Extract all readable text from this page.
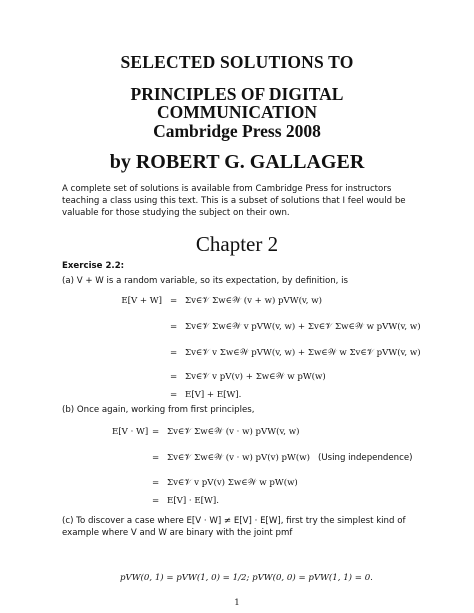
SELECTED SOLUTIONS TO
PRINCIPLES OF DIGITAL
COMMUNICATION
Cambridge Press 2008
by ROBERT G. GALLAGER
A complete set of solutions is available from Cambridge Press for instructors teaching a class using this text. This is a subset of solutions that I feel would be valuable for those studying the subject on their own.
Chapter 2
Exercise 2.2:
(a) V + W is a random variable, so its expectation, by definition, is
E[V + W] = Σv∈𝒱 Σw∈𝒲 (v + w) pVW(v, w)
= Σv∈𝒱 Σw∈𝒲 v pVW(v, w) + Σv∈𝒱 Σw∈𝒲 w pVW(v, w)
= Σv∈𝒱 v Σw∈𝒲 pVW(v, w) + Σw∈𝒲 w Σv∈𝒱 pVW(v, w)
= Σv∈𝒱 v pV(v) + Σw∈𝒲 w pW(w)
= E[V] + E[W].
(b) Once again, working from first principles,
E[V · W] = Σv∈𝒱 Σw∈𝒲 (v · w) pVW(v, w)
= Σv∈𝒱 Σw∈𝒲 (v · w) pV(v) pW(w) (Using independence)
= Σv∈𝒱 v pV(v) Σw∈𝒲 w pW(w)
= E[V] · E[W].
(c) To discover a case where E[V · W] ≠ E[V] · E[W], first try the simplest kind of example where V and W are binary with the joint pmf
pVW(0, 1) = pVW(1, 0) = 1/2; pVW(0, 0) = pVW(1, 1) = 0.
1
